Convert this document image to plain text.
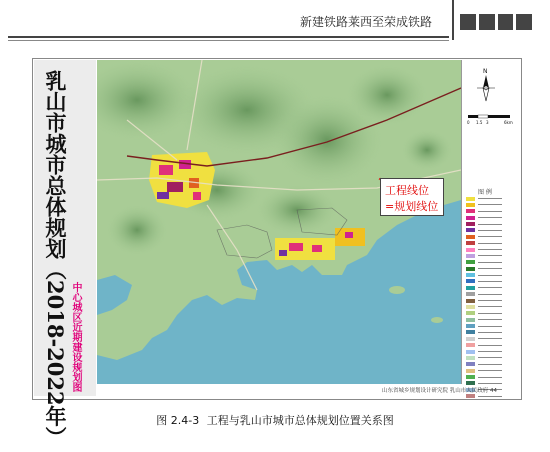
新建铁路莱西至荣成铁路
乳山市城市总体规划（2018-2022年） 中心城区近期建设规划图
图 例
N
0 1.5 3	6km
工程线位
=规划线位
山东省城乡规划设计研究院 乳山市人民政府 44
图 2.4-3 工程与乳山市城市总体规划位置关系图
